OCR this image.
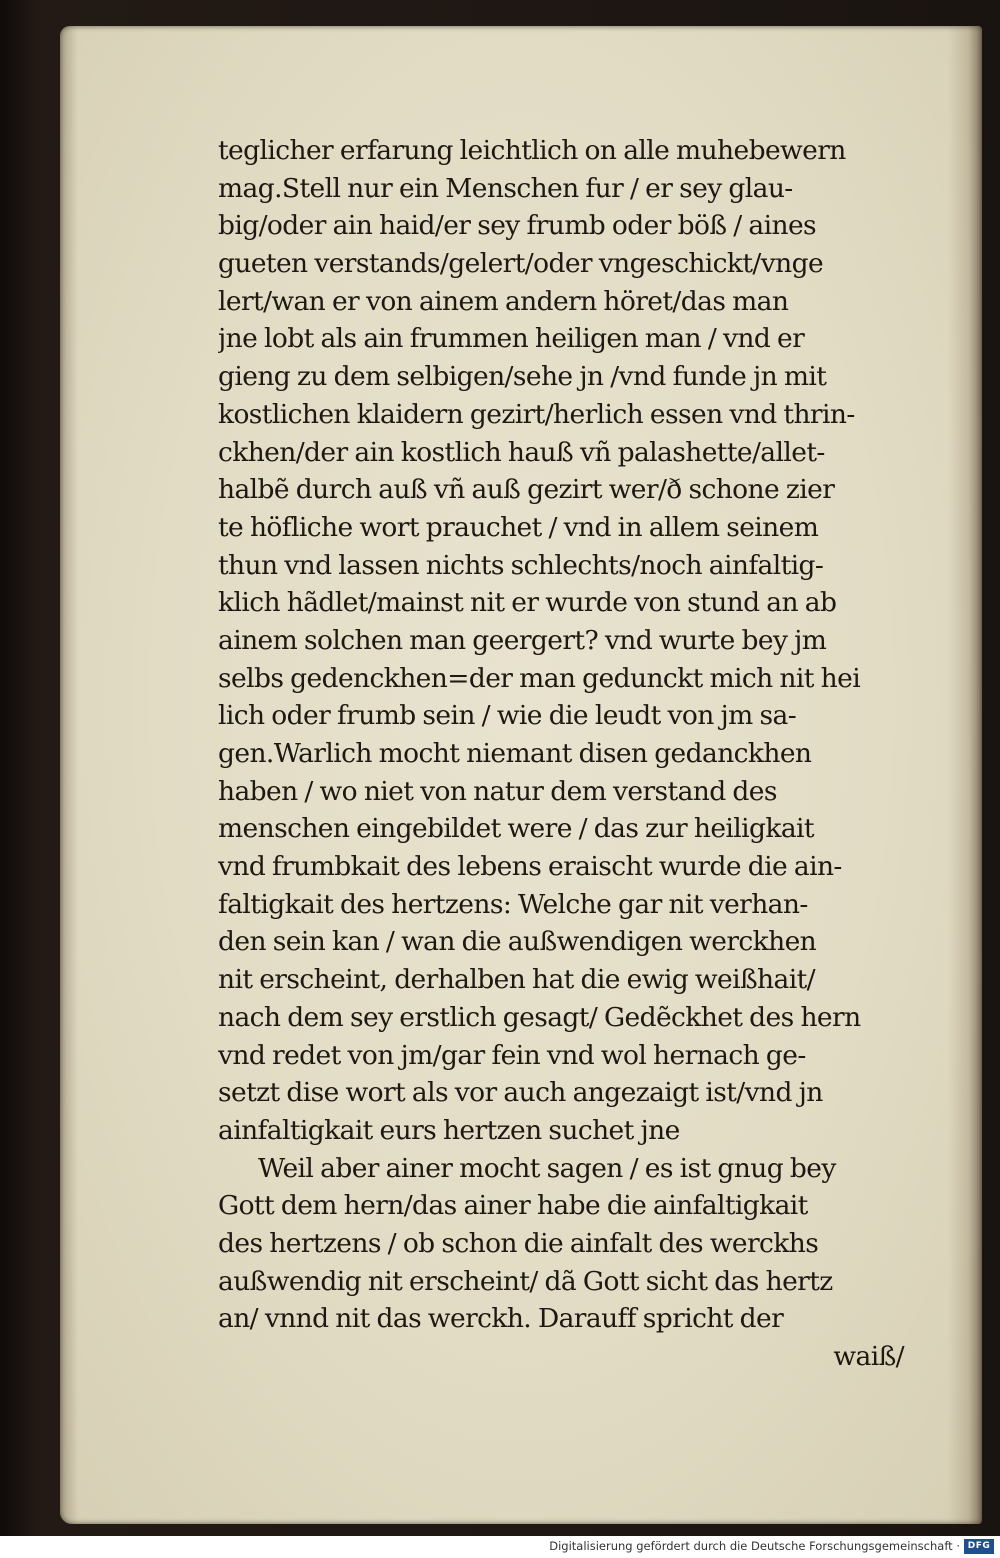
teglicher erfarung leichtlich on alle muhebewern
mag.Stell nur ein Menschen fur / er sey glau-
big/oder ain haid/er sey frumb oder böß / aines
gueten verstands/gelert/oder vngeschickt/vnge
lert/wan er von ainem andern höret/das man
jne lobt als ain frummen heiligen man / vnd er
gieng zu dem selbigen/sehe jn /vnd funde jn mit
kostlichen klaidern gezirt/herlich essen vnd thrin-
ckhen/der ain kostlich hauß vñ palashette/allet-
halbẽ durch auß vñ auß gezirt wer/ð schone zier
te höfliche wort prauchet / vnd in allem seinem
thun vnd lassen nichts schlechts/noch ainfaltig-
klich hãdlet/mainst nit er wurde von stund an ab
ainem solchen man geergert? vnd wurte bey jm
selbs gedenckhen=der man gedunckt mich nit hei
lich oder frumb sein / wie die leudt von jm sa-
gen.Warlich mocht niemant disen gedanckhen
haben / wo niet von natur dem verstand des
menschen eingebildet were / das zur heiligkait
vnd frumbkait des lebens eraischt wurde die ain-
faltigkait des hertzens: Welche gar nit verhan-
den sein kan / wan die außwendigen werckhen
nit erscheint, derhalben hat die ewig weißhait/
nach dem sey erstlich gesagt/ Gedẽckhet des hern
vnd redet von jm/gar fein vnd wol hernach ge-
setzt dise wort als vor auch angezaigt ist/vnd jn
ainfaltigkait eurs hertzen suchet jne
Weil aber ainer mocht sagen / es ist gnug bey
Gott dem hern/das ainer habe die ainfaltigkait
des hertzens / ob schon die ainfalt des werckhs
außwendig nit erscheint/ dã Gott sicht das hertz
an/ vnnd nit das werckh. Darauff spricht der
waiß/
Digitalisierung gefördert durch die Deutsche Forschungsgemeinschaft · DFG
